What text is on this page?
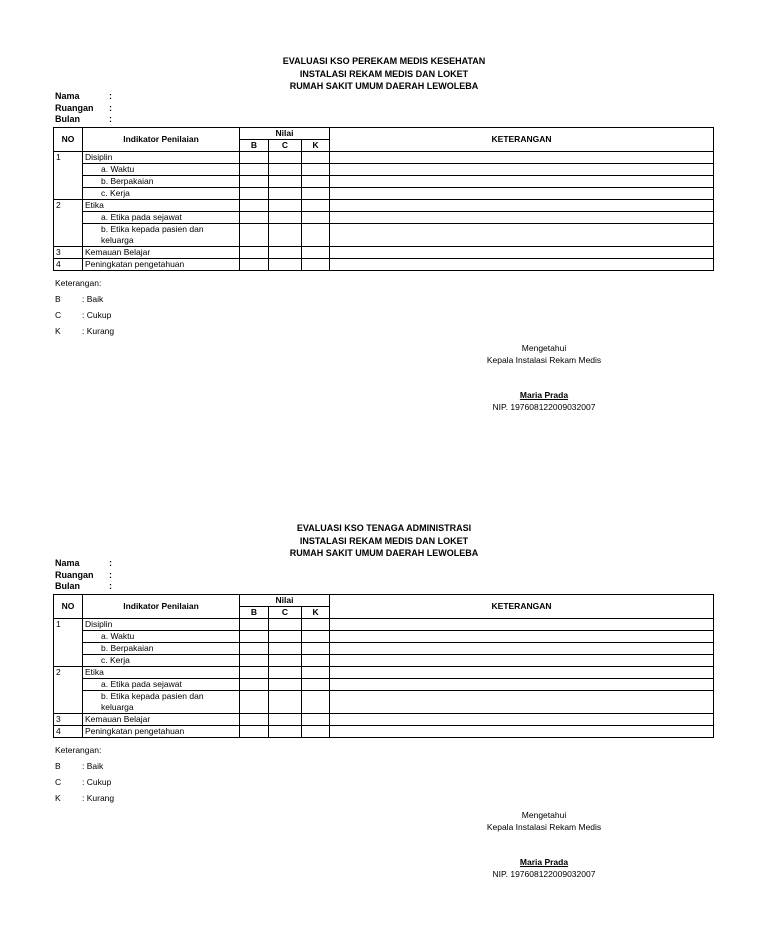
EVALUASI KSO PEREKAM MEDIS KESEHATAN
INSTALASI REKAM MEDIS DAN LOKET
RUMAH SAKIT UMUM DAERAH LEWOLEBA
Nama	:
Ruangan	:
Bulan	:
NO	Indikator Penilaian	Nilai			KETERANGAN
		B	C	K	
1	Disiplin				
	a. Waktu				
	b. Berpakaian				
	c. Kerja				
2	Etika				
	a. Etika pada sejawat				
	b. Etika kepada pasien dan keluarga				
3	Kemauan Belajar				
4	Peningkatan pengetahuan				
Keterangan:
B	: Baik
C	: Cukup
K	: Kurang
Mengetahui
Kepala Instalasi Rekam Medis
Maria Prada
NIP. 197608122009032007
EVALUASI KSO TENAGA ADMINISTRASI
INSTALASI REKAM MEDIS DAN LOKET
RUMAH SAKIT UMUM DAERAH LEWOLEBA
Nama	:
Ruangan	:
Bulan	:
NO	Indikator Penilaian	Nilai			KETERANGAN
		B	C	K	
1	Disiplin				
	a. Waktu				
	b. Berpakaian				
	c. Kerja				
2	Etika				
	a. Etika pada sejawat				
	b. Etika kepada pasien dan keluarga				
3	Kemauan Belajar				
4	Peningkatan pengetahuan				
Keterangan:
B	: Baik
C	: Cukup
K	: Kurang
Mengetahui
Kepala Instalasi Rekam Medis
Maria Prada
NIP. 197608122009032007
